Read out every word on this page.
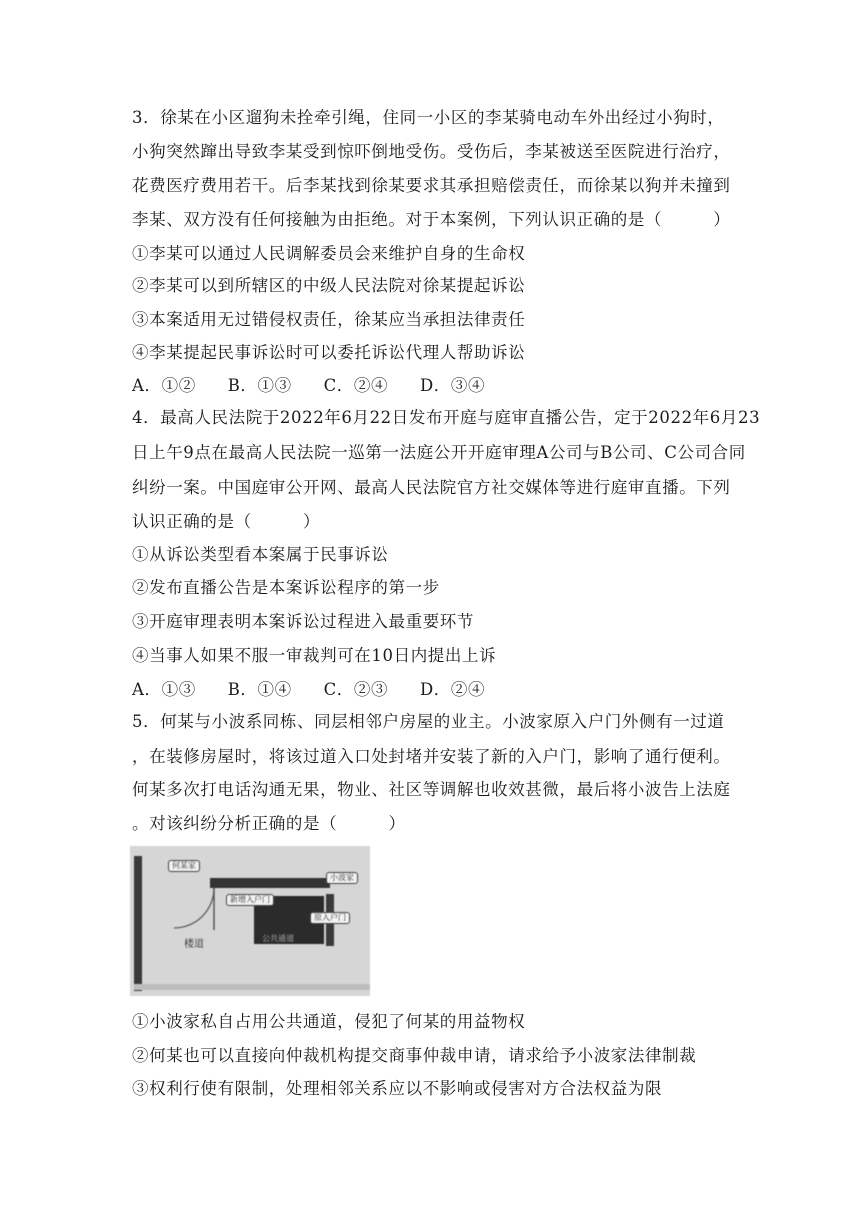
3．徐某在小区遛狗未拴牵引绳，住同一小区的李某骑电动车外出经过小狗时，
小狗突然蹿出导致李某受到惊吓倒地受伤。受伤后，李某被送至医院进行治疗，
花费医疗费用若干。后李某找到徐某要求其承担赔偿责任，而徐某以狗并未撞到
李某、双方没有任何接触为由拒绝。对于本案例，下列认识正确的是（　　　）
①李某可以通过人民调解委员会来维护自身的生命权
②李某可以到所辖区的中级人民法院对徐某提起诉讼
③本案适用无过错侵权责任，徐某应当承担法律责任
④李某提起民事诉讼时可以委托诉讼代理人帮助诉讼
A．①② B．①③ C．②④ D．③④
4．最高人民法院于2022年6月22日发布开庭与庭审直播公告，定于2022年6月23
日上午9点在最高人民法院一巡第一法庭公开开庭审理A公司与B公司、C公司合同
纠纷一案。中国庭审公开网、最高人民法院官方社交媒体等进行庭审直播。下列
认识正确的是（　　　）
①从诉讼类型看本案属于民事诉讼
②发布直播公告是本案诉讼程序的第一步
③开庭审理表明本案诉讼过程进入最重要环节
④当事人如果不服一审裁判可在10日内提出上诉
A．①③ B．①④ C．②③ D．②④
5．何某与小波系同栋、同层相邻户房屋的业主。小波家原入户门外侧有一过道
，在装修房屋时，将该过道入口处封堵并安装了新的入户门，影响了通行便利。
何某多次打电话沟通无果，物业、社区等调解也收效甚微，最后将小波告上法庭
。对该纠纷分析正确的是（　　　）
何某家
小波家
新增入户门
原入户门
楼道
公共通道
①小波家私自占用公共通道，侵犯了何某的用益物权
②何某也可以直接向仲裁机构提交商事仲裁申请，请求给予小波家法律制裁
③权利行使有限制，处理相邻关系应以不影响或侵害对方合法权益为限
